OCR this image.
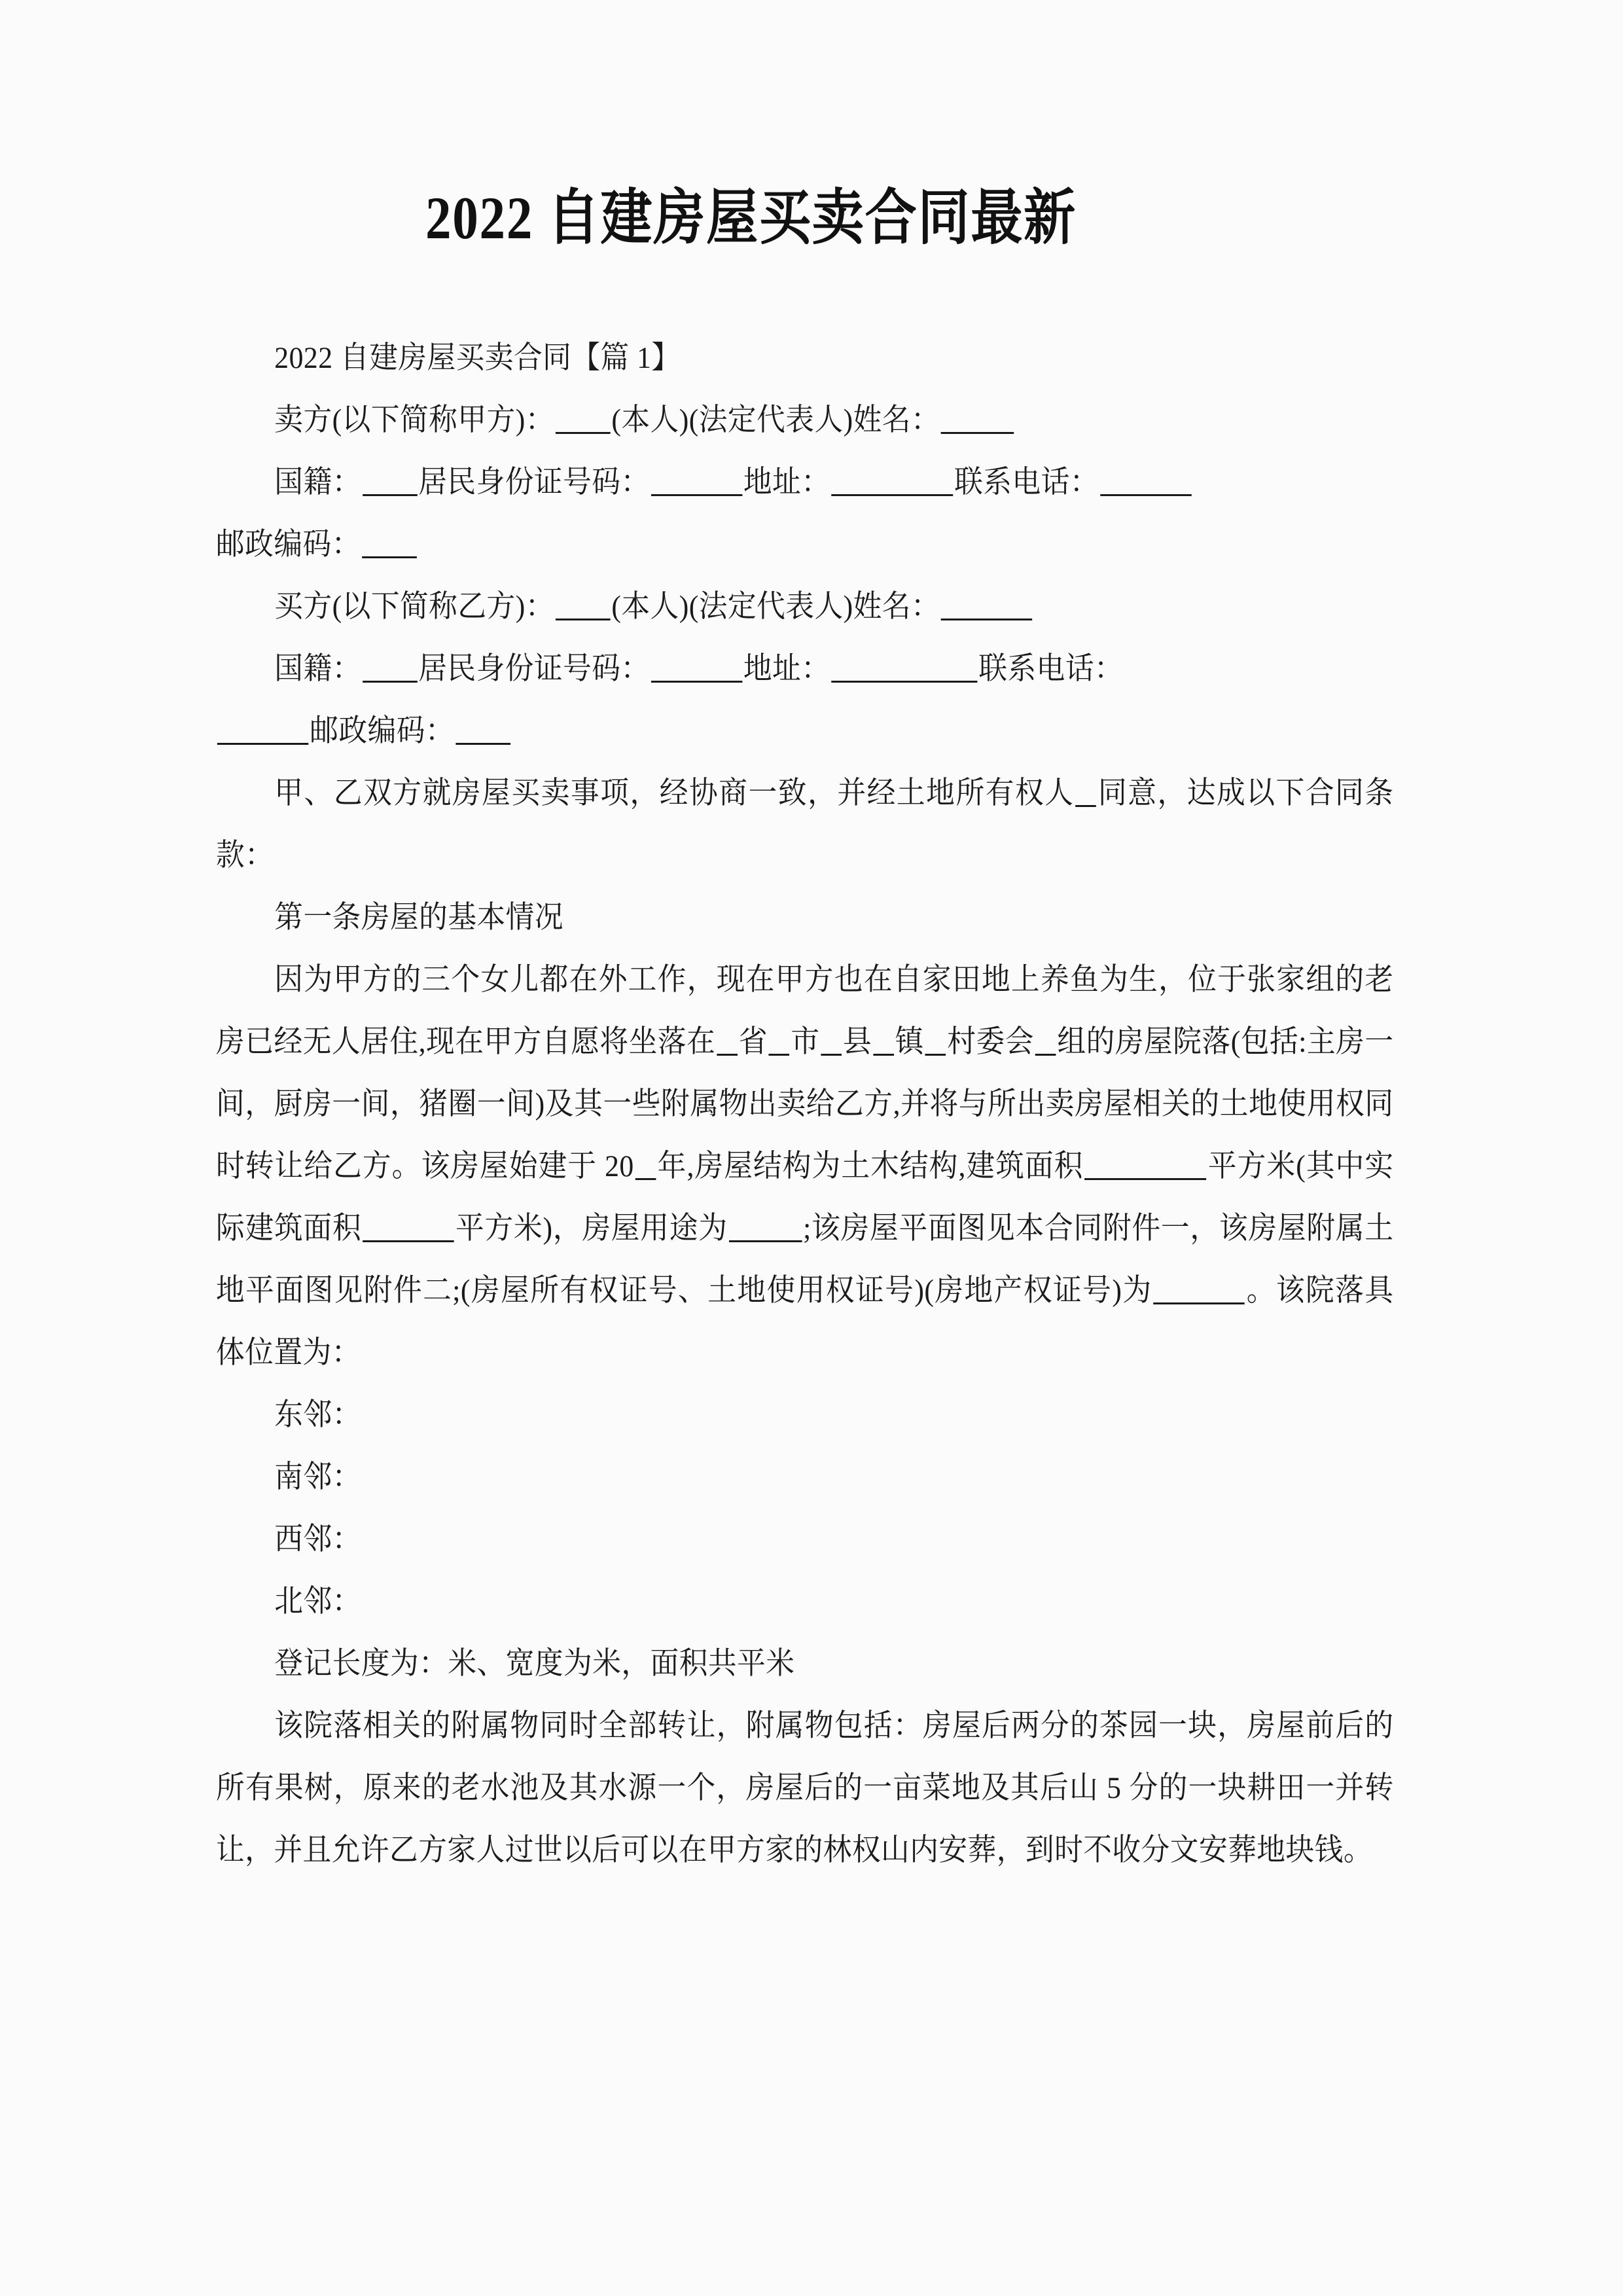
2022 自建房屋买卖合同最新

2022 自建房屋买卖合同【篇 1】

卖方(以下简称甲方)： (本人)(法定代表人)姓名：

国籍： 居民身份证号码：	地址：	联系电话：

邮政编码：

买方(以下简称乙方)： (本人)(法定代表人)姓名：

国籍： 居民身份证号码：	地址：	联系电话：

邮政编码：

甲、乙双方就房屋买卖事项，经协商一致，并经土地所有权人 同意，达成以下合同条款：

第一条房屋的基本情况

因为甲方的三个女儿都在外工作，现在甲方也在自家田地上养鱼为生，位于张家组的老房已经无人居住,现在甲方自愿将坐落在 省 市 县 镇 村委会 组的房屋院落(包括:主房一间，厨房一间，猪圈一间)及其一些附属物出卖给乙方,并将与所出卖房屋相关的土地使用权同时转让给乙方。该房屋始建于 20 年,房屋结构为土木结构,建筑面积	平方米(其中实际建筑面积	平方米)，房屋用途为 ;该房屋平面图见本合同附件一，该房屋附属土地平面图见附件二;(房屋所有权证号、土地使用权证号)(房地产权证号)为	。该院落具体位置为：

东邻：

南邻：

西邻：

北邻：

登记长度为：米、宽度为米，面积共平米

该院落相关的附属物同时全部转让，附属物包括：房屋后两分的茶园一块，房屋前后的所有果树，原来的老水池及其水源一个，房屋后的一亩菜地及其后山 5 分的一块耕田一并转让，并且允许乙方家人过世以后可以在甲方家的林权山内安葬，到时不收分文安葬地块钱。
